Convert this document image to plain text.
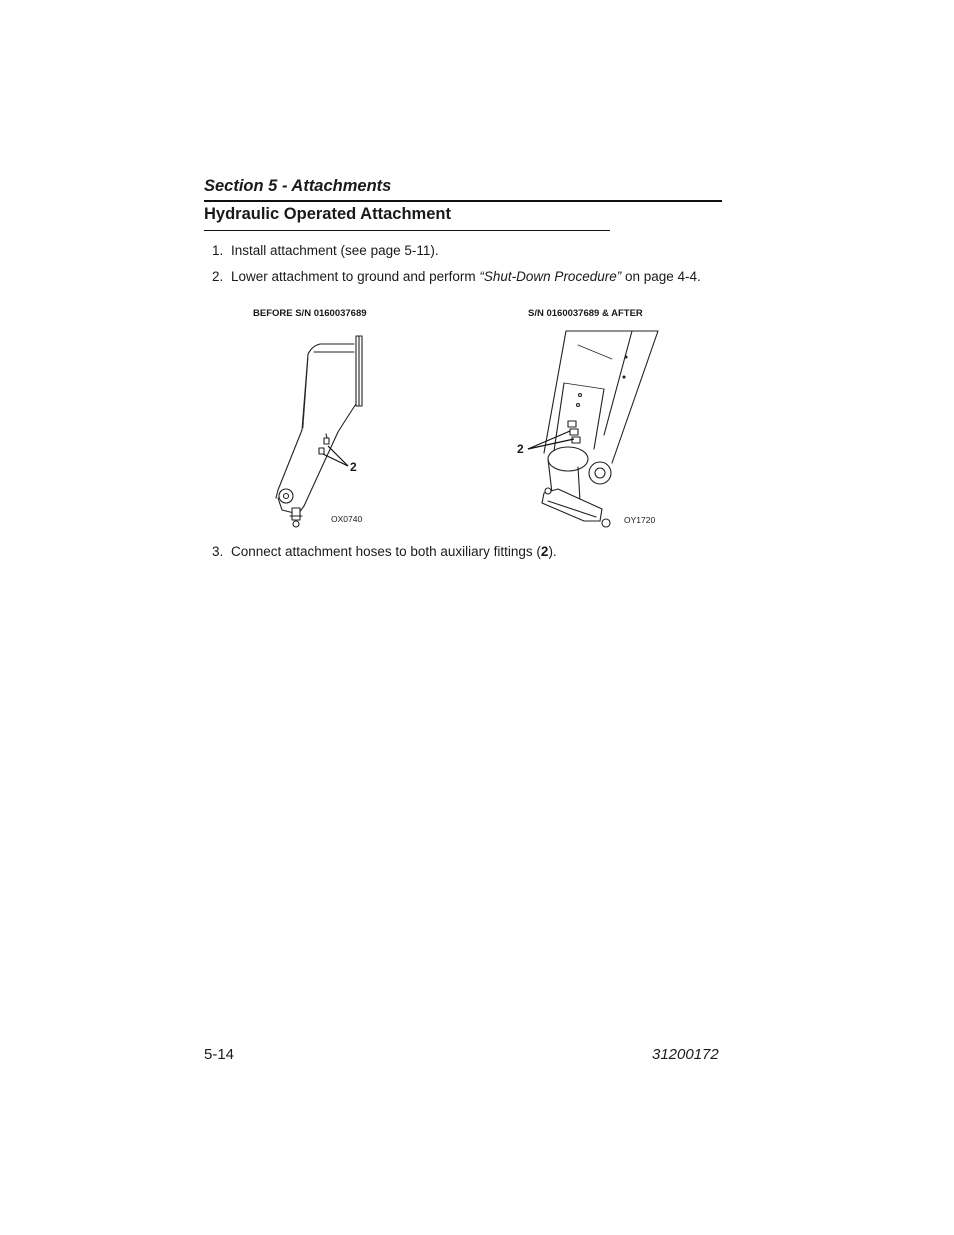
Section 5 - Attachments
Hydraulic Operated Attachment
1. Install attachment (see page 5-11).
2. Lower attachment to ground and perform “Shut-Down Procedure” on page 4-4.
BEFORE S/N 0160037689	S/N 0160037689 & AFTER
2
OX0740
2
OY1720
3. Connect attachment hoses to both auxiliary fittings (2).
5-14	31200172
